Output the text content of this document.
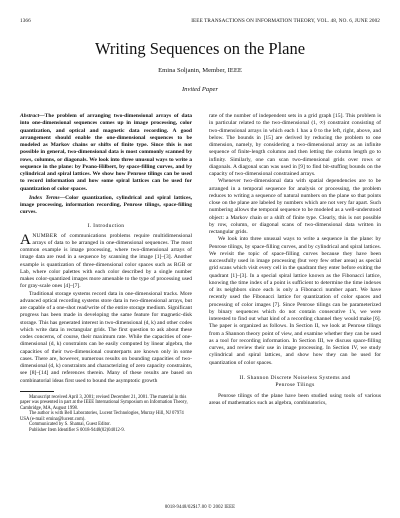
1366	IEEE TRANSACTIONS ON INFORMATION THEORY, VOL. 48, NO. 6, JUNE 2002
Writing Sequences on the Plane
Emina Soljanin, Member, IEEE
Invited Paper

Abstract—The problem of arranging two-dimensional arrays of data into one-dimensional sequences comes up in image processing, color quantization, and optical and magnetic data recording. A good arrangement should enable the one-dimensional sequences to be modeled as Markov chains or shifts of finite type. Since this is not possible in general, two-dimensional data is most commonly scanned by rows, columns, or diagonals. We look into three unusual ways to write a sequence in the plane: by Peano-Hilbert, by space-filling curves, and by cylindrical and spiral lattices. We show how Penrose tilings can be used to record information and how some spiral lattices can be used for quantization of color spaces.

Index Terms—Color quantization, cylindrical and spiral lattices, image processing, information recording, Penrose tilings, space-filling curves.

I. Introduction

ANUMBER of communications problems require multidimensional arrays of data to be arranged in one-dimensional sequences. The most common example is image processing, where two-dimensional arrays of image data are read in a sequence by scanning the image [1]–[3]. Another example is quantization of three-dimensional color spaces such as RGB or Lab, where color palettes with each color described by a single number makes color-quantized images more amenable to the type of processing used for gray-scale ones [4]–[7].

Traditional storage systems record data in one-dimensional tracks. More advanced optical recording systems store data in two-dimensional arrays, but are capable of a one-shot read/write of the entire storage medium. Significant progress has been made in developing the same feature for magnetic-disk storage. This has generated interest in two-dimensional (d, k) and other codes which write data in rectangular grids. The first question to ask about these codes concerns, of course, their maximum rate. While the capacities of one-dimensional (d, k) constraints can be easily computed by linear algebra, the capacities of their two-dimensional counterparts are known only in some cases. There are, however, numerous results on bounding capacities of two-dimensional (d, k) constraints and characterizing of zero capacity constraints, see [8]–[14] and references therein. Many of these results are based on combinatorial ideas first used to bound the asymptotic growth

Manuscript received April 3, 2001; revised December 21, 2001. The material in this paper was presented in part at the IEEE International Symposium on Information Theory, Cambridge, MA, August 1998.

The author is with Bell Laboratories, Lucent Technologies, Murray Hill, NJ 07974 USA (e-mail: emina@lucent.com).

Communicated by S. Shamai, Guest Editor.

Publisher Item Identifier S 0018-9448(02)04012-9.

rate of the number of independent sets in a grid graph [15]. This problem is in particular related to the two-dimensional (1, ∞) constraint consisting of two-dimensional arrays in which each 1 has a 0 to the left, right, above, and below. The bounds in [15] are derived by reducing the problem to one dimension, namely, by considering a two-dimensional array as an infinite sequence of finite-length columns and then letting the column length go to infinity. Similarly, one can scan two-dimensional grids over rows or diagonals. A diagonal scan was used in [9] to find bit-stuffing bounds on the capacity of two-dimensional constrained arrays.

Whenever two-dimensional data with spatial dependencies are to be arranged in a temporal sequence for analysis or processing, the problem reduces to writing a sequence of natural numbers on the plane so that points close on the plane are labeled by numbers which are not very far apart. Such numbering allows the temporal sequence to be modeled as a well-understood object: a Markov chain or a shift of finite type. Clearly, this is not possible by row, column, or diagonal scans of two-dimensional data written in rectangular grids.

We look into three unusual ways to write a sequence in the plane: by Penrose tilings, by space-filling curves, and by cylindrical and spiral lattices. We revisit the topic of space-filling curves because they have been successfully used in image processing (but very few other areas) as special grid scans which visit every cell in the quadrant they enter before exiting the quadrant [1]–[3]. In a special spiral lattice known as the Fibonacci lattice, knowing the time index of a point is sufficient to determine the time indexes of its neighbors since each is only a Fibonacci number apart. We have recently used the Fibonacci lattice for quantization of color spaces and processing of color images [7]. Since Penrose tilings can be parameterized by binary sequences which do not contain consecutive 1's, we were interested to find out what kind of a recording channel they would make [6]. The paper is organized as follows. In Section II, we look at Penrose tilings from a Shannon theory point of view, and examine whether they can be used as a tool for recording information. In Section III, we discuss space-filling curves, and review their use in image processing. In Section IV, we study cylindrical and spiral lattices, and show how they can be used for quantization of color spaces.

II. Shannon Discrete Noiseless Systems and
Penrose Tilings

Penrose tilings of the plane have been studied using tools of various areas of mathematics such as algebra, combinatorics,

0018-9448/02$17.00 © 2002 IEEE
